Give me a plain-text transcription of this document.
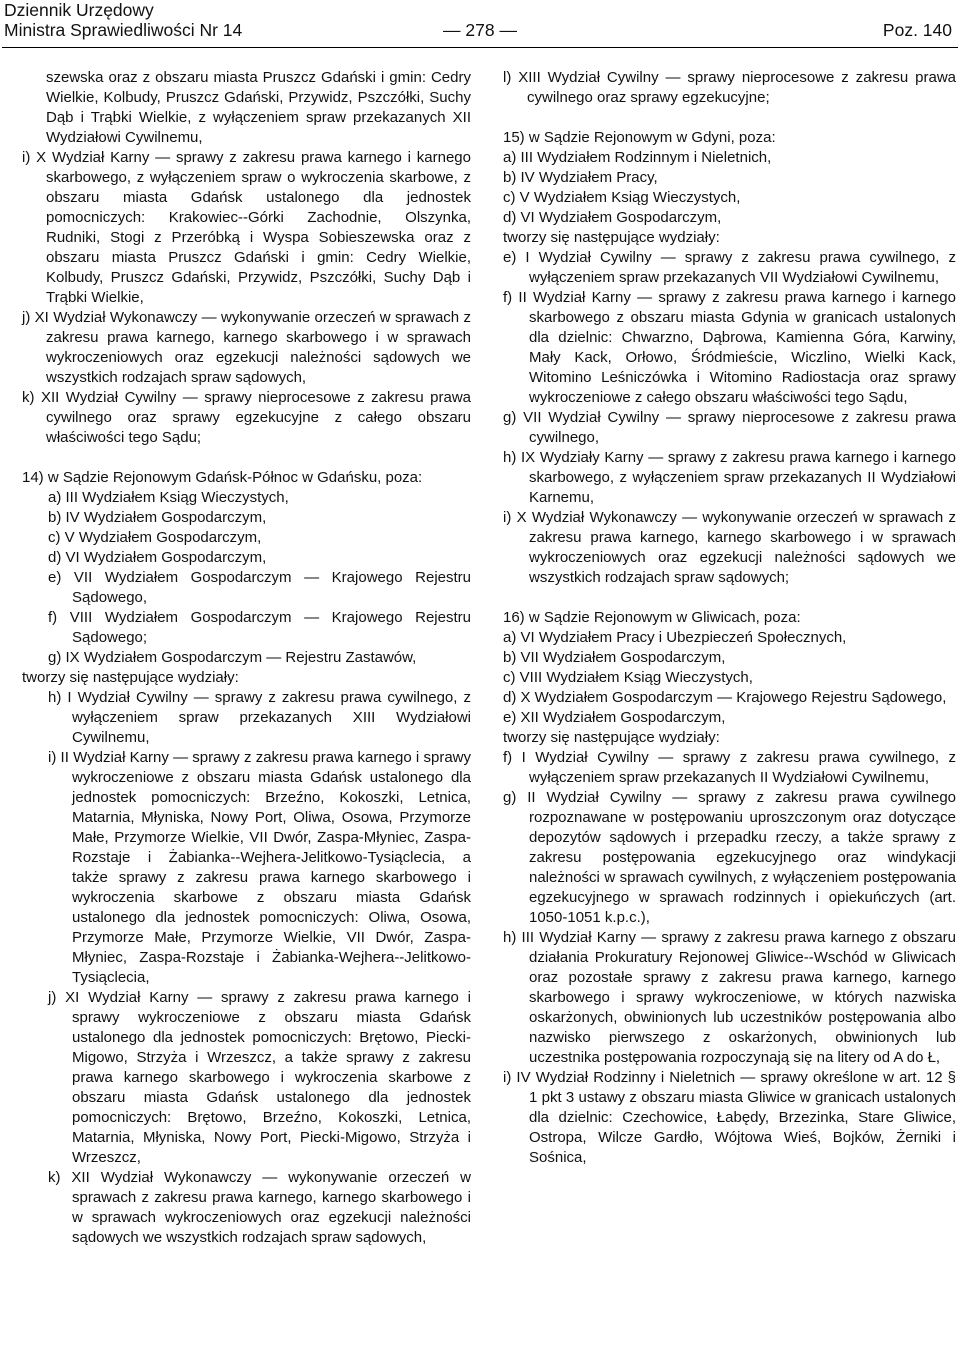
Dziennik Urzędowy
Ministra Sprawiedliwości Nr 14	— 278 —	Poz. 140

szewska oraz z obszaru miasta Pruszcz Gdański i gmin: Cedry Wielkie, Kolbudy, Pruszcz Gdański, Przywidz, Pszczółki, Suchy Dąb i Trąbki Wielkie, z wyłączeniem spraw przekazanych XII Wydziałowi Cywilnemu,

i) X Wydział Karny — sprawy z zakresu prawa karnego i karnego skarbowego, z wyłączeniem spraw o wykroczenia skarbowe, z obszaru miasta Gdańsk ustalonego dla jednostek pomocniczych: Krakowiec--Górki Zachodnie, Olszynka, Rudniki, Stogi z Przeróbką i Wyspa Sobieszewska oraz z obszaru miasta Pruszcz Gdański i gmin: Cedry Wielkie, Kolbudy, Pruszcz Gdański, Przywidz, Pszczółki, Suchy Dąb i Trąbki Wielkie,

j) XI Wydział Wykonawczy — wykonywanie orzeczeń w sprawach z zakresu prawa karnego, karnego skarbowego i w sprawach wykroczeniowych oraz egzekucji należności sądowych we wszystkich rodzajach spraw sądowych,

k) XII Wydział Cywilny — sprawy nieprocesowe z zakresu prawa cywilnego oraz sprawy egzekucyjne z całego obszaru właściwości tego Sądu;

14) w Sądzie Rejonowym Gdańsk-Północ w Gdańsku, poza:

a) III Wydziałem Ksiąg Wieczystych,

b) IV Wydziałem Gospodarczym,

c) V Wydziałem Gospodarczym,

d) VI Wydziałem Gospodarczym,

e) VII Wydziałem Gospodarczym — Krajowego Rejestru Sądowego,

f) VIII Wydziałem Gospodarczym — Krajowego Rejestru Sądowego;

g) IX Wydziałem Gospodarczym — Rejestru Zastawów,

tworzy się następujące wydziały:

h) I Wydział Cywilny — sprawy z zakresu prawa cywilnego, z wyłączeniem spraw przekazanych XIII Wydziałowi Cywilnemu,

i) II Wydział Karny — sprawy z zakresu prawa karnego i sprawy wykroczeniowe z obszaru miasta Gdańsk ustalonego dla jednostek pomocniczych: Brzeźno, Kokoszki, Letnica, Matarnia, Młyniska, Nowy Port, Oliwa, Osowa, Przymorze Małe, Przymorze Wielkie, VII Dwór, Zaspa-Młyniec, Zaspa-Rozstaje i Żabianka--Wejhera-Jelitkowo-Tysiąclecia, a także sprawy z zakresu prawa karnego skarbowego i wykroczenia skarbowe z obszaru miasta Gdańsk ustalonego dla jednostek pomocniczych: Oliwa, Osowa, Przymorze Małe, Przymorze Wielkie, VII Dwór, Zaspa-Młyniec, Zaspa-Rozstaje i Żabianka-Wejhera--Jelitkowo-Tysiąclecia,

j) XI Wydział Karny — sprawy z zakresu prawa karnego i sprawy wykroczeniowe z obszaru miasta Gdańsk ustalonego dla jednostek pomocniczych: Brętowo, Piecki-Migowo, Strzyża i Wrzeszcz, a także sprawy z zakresu prawa karnego skarbowego i wykroczenia skarbowe z obszaru miasta Gdańsk ustalonego dla jednostek pomocniczych: Brętowo, Brzeźno, Kokoszki, Letnica, Matarnia, Młyniska, Nowy Port, Piecki-Migowo, Strzyża i Wrzeszcz,

k) XII Wydział Wykonawczy — wykonywanie orzeczeń w sprawach z zakresu prawa karnego, karnego skarbowego i w sprawach wykroczeniowych oraz egzekucji należności sądowych we wszystkich rodzajach spraw sądowych,

l) XIII Wydział Cywilny — sprawy nieprocesowe z zakresu prawa cywilnego oraz sprawy egzekucyjne;

15) w Sądzie Rejonowym w Gdyni, poza:

a) III Wydziałem Rodzinnym i Nieletnich,

b) IV Wydziałem Pracy,

c) V Wydziałem Ksiąg Wieczystych,

d) VI Wydziałem Gospodarczym,

tworzy się następujące wydziały:

e) I Wydział Cywilny — sprawy z zakresu prawa cywilnego, z wyłączeniem spraw przekazanych VII Wydziałowi Cywilnemu,

f) II Wydział Karny — sprawy z zakresu prawa karnego i karnego skarbowego z obszaru miasta Gdynia w granicach ustalonych dla dzielnic: Chwarzno, Dąbrowa, Kamienna Góra, Karwiny, Mały Kack, Orłowo, Śródmieście, Wiczlino, Wielki Kack, Witomino Leśniczówka i Witomino Radiostacja oraz sprawy wykroczeniowe z całego obszaru właściwości tego Sądu,

g) VII Wydział Cywilny — sprawy nieprocesowe z zakresu prawa cywilnego,

h) IX Wydziały Karny — sprawy z zakresu prawa karnego i karnego skarbowego, z wyłączeniem spraw przekazanych II Wydziałowi Karnemu,

i) X Wydział Wykonawczy — wykonywanie orzeczeń w sprawach z zakresu prawa karnego, karnego skarbowego i w sprawach wykroczeniowych oraz egzekucji należności sądowych we wszystkich rodzajach spraw sądowych;

16) w Sądzie Rejonowym w Gliwicach, poza:

a) VI Wydziałem Pracy i Ubezpieczeń Społecznych,

b) VII Wydziałem Gospodarczym,

c) VIII Wydziałem Ksiąg Wieczystych,

d) X Wydziałem Gospodarczym — Krajowego Rejestru Sądowego,

e) XII Wydziałem Gospodarczym,

tworzy się następujące wydziały:

f) I Wydział Cywilny — sprawy z zakresu prawa cywilnego, z wyłączeniem spraw przekazanych II Wydziałowi Cywilnemu,

g) II Wydział Cywilny — sprawy z zakresu prawa cywilnego rozpoznawane w postępowaniu uproszczonym oraz dotyczące depozytów sądowych i przepadku rzeczy, a także sprawy z zakresu postępowania egzekucyjnego oraz windykacji należności w sprawach cywilnych, z wyłączeniem postępowania egzekucyjnego w sprawach rodzinnych i opiekuńczych (art. 1050-1051 k.p.c.),

h) III Wydział Karny — sprawy z zakresu prawa karnego z obszaru działania Prokuratury Rejonowej Gliwice--Wschód w Gliwicach oraz pozostałe sprawy z zakresu prawa karnego, karnego skarbowego i sprawy wykroczeniowe, w których nazwiska oskarżonych, obwinionych lub uczestników postępowania albo nazwisko pierwszego z oskarżonych, obwinionych lub uczestnika postępowania rozpoczynają się na litery od A do Ł,

i) IV Wydział Rodzinny i Nieletnich — sprawy określone w art. 12 § 1 pkt 3 ustawy z obszaru miasta Gliwice w granicach ustalonych dla dzielnic: Czechowice, Łabędy, Brzezinka, Stare Gliwice, Ostropa, Wilcze Gardło, Wójtowa Wieś, Bojków, Żerniki i Sośnica,
